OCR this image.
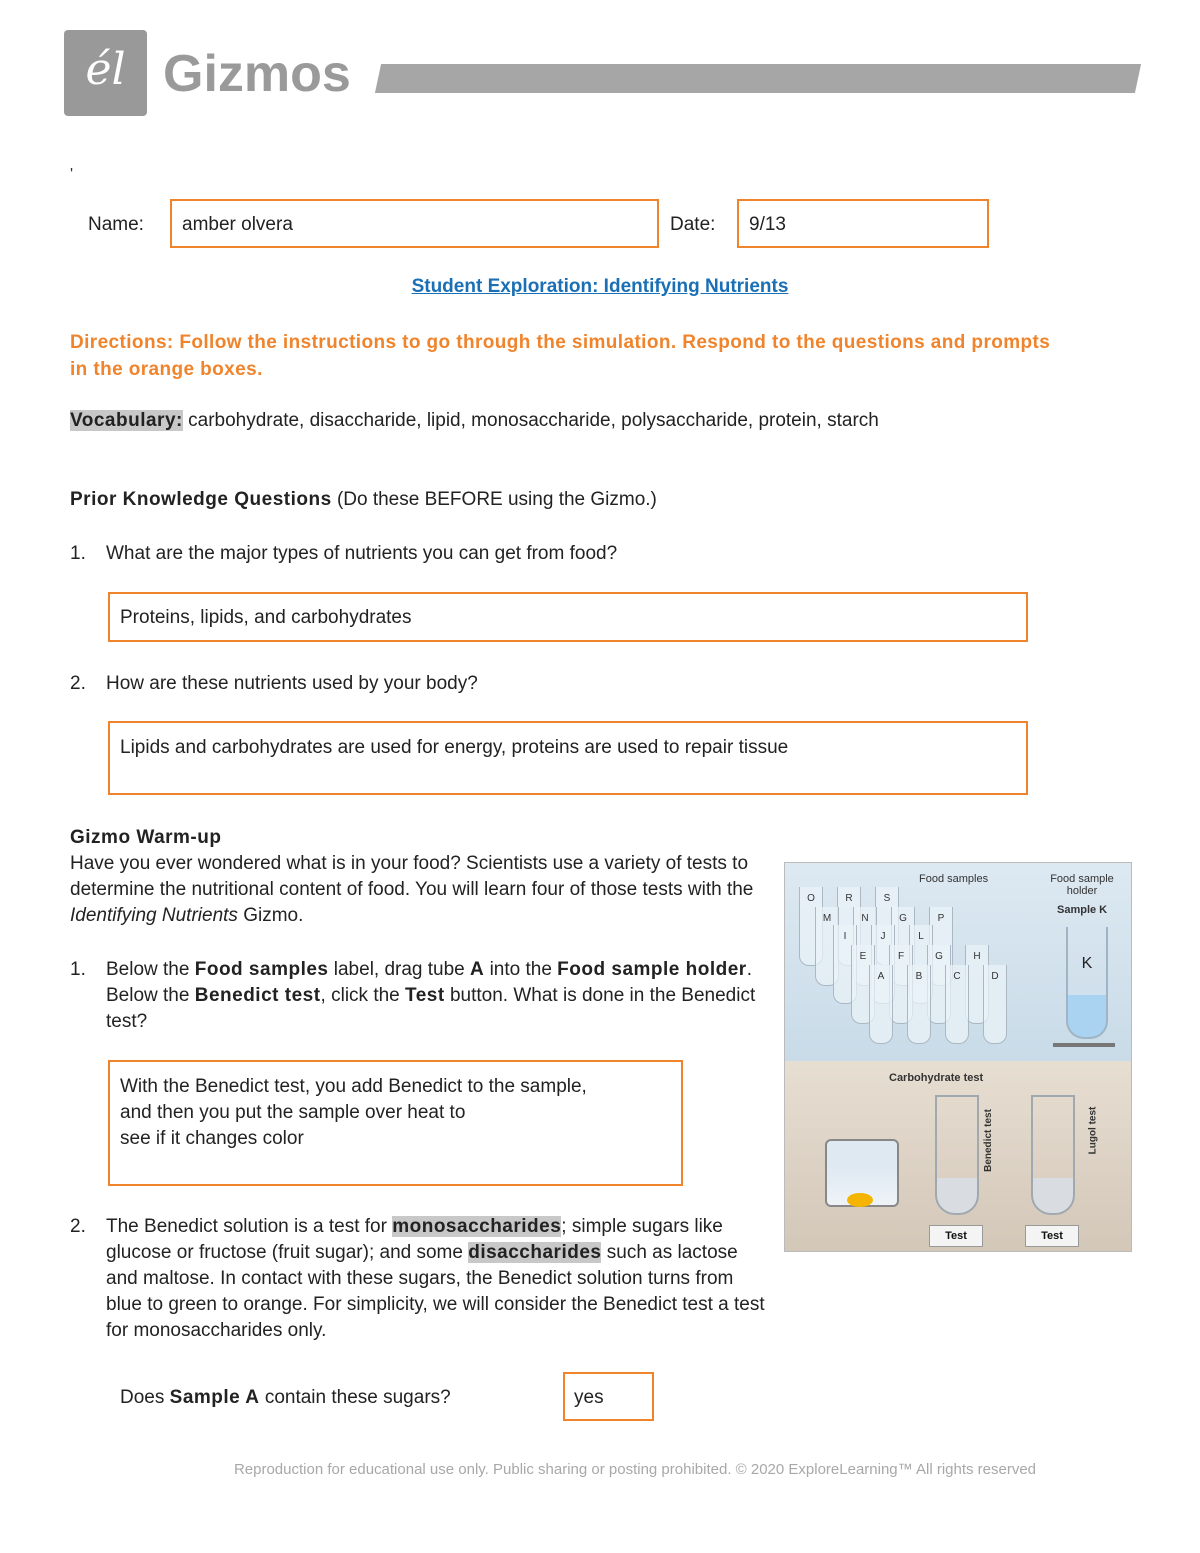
él Gizmos
'
Name: amber olvera	Date: 9/13
Student Exploration: Identifying Nutrients
Directions: Follow the instructions to go through the simulation. Respond to the questions and prompts in the orange boxes.
Vocabulary: carbohydrate, disaccharide, lipid, monosaccharide, polysaccharide, protein, starch
Prior Knowledge Questions (Do these BEFORE using the Gizmo.)
1. What are the major types of nutrients you can get from food?
Proteins, lipids, and carbohydrates
2. How are these nutrients used by your body?
Lipids and carbohydrates are used for energy, proteins are used to repair tissue
Gizmo Warm-up
Have you ever wondered what is in your food? Scientists use a variety of tests to determine the nutritional content of food. You will learn four of those tests with the Identifying Nutrients Gizmo.
1. Below the Food samples label, drag tube A into the Food sample holder. Below the Benedict test, click the Test button. What is done in the Benedict test?
With the Benedict test, you add Benedict to the sample,
and then you put the sample over heat to
see if it changes color
2. The Benedict solution is a test for monosaccharides; simple sugars like glucose or fructose (fruit sugar); and some disaccharides such as lactose and maltose. In contact with these sugars, the Benedict solution turns from blue to green to orange. For simplicity, we will consider the Benedict test a test for monosaccharides only.
Does Sample A contain these sugars?	yes
Food samples	Food sample holder
Sample K
O	R	S
M	N	G	P
I	J	L
E	F	G	H
A	B	C	D
K
Carbohydrate test
Benedict test	Lugol test
Test	Test
Reproduction for educational use only. Public sharing or posting prohibited. © 2020 ExploreLearning™ All rights reserved
